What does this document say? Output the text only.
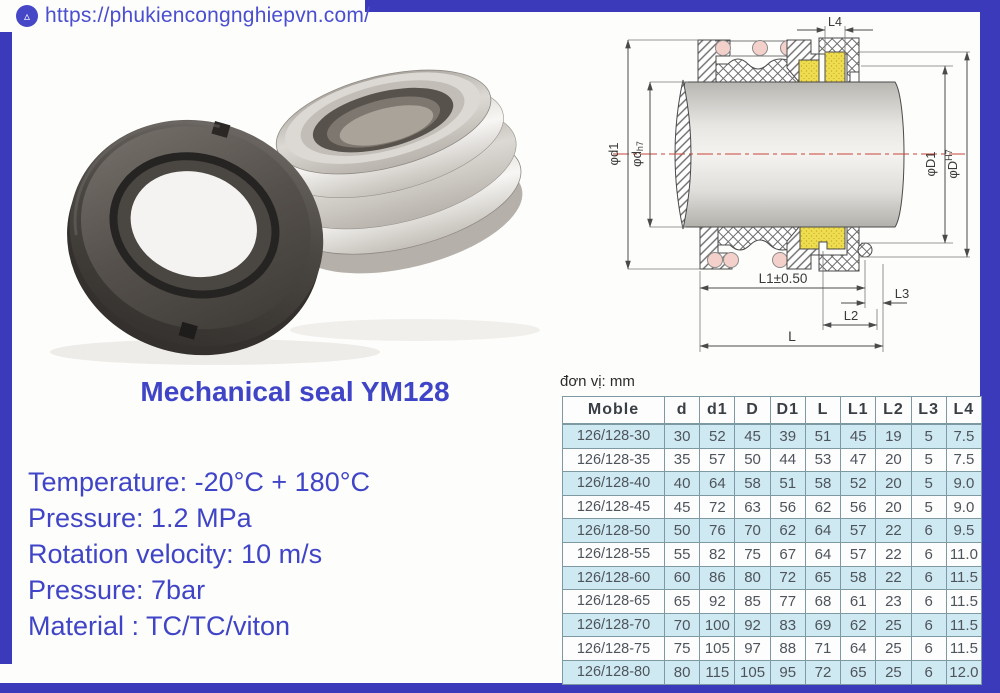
▵ https://phukiencongnghiepvn.com/
Mechanical seal YM128
Temperature: -20°C + 180°C
Pressure: 1.2 MPa
Rotation velocity: 10 m/s
Pressure: 7bar
Material : TC/TC/viton
L4
φd1 φdh7
φD1 $\varphi D^{H7}$
L1±0.50
L3
L2
L
đơn vị: mm
Moble	d	d1	D	D1	L	L1	L2	L3	L4
126/128-30	30	52	45	39	51	45	19	5	7.5
126/128-35	35	57	50	44	53	47	20	5	7.5
126/128-40	40	64	58	51	58	52	20	5	9.0
126/128-45	45	72	63	56	62	56	20	5	9.0
126/128-50	50	76	70	62	64	57	22	6	9.5
126/128-55	55	82	75	67	64	57	22	6	11.0
126/128-60	60	86	80	72	65	58	22	6	11.5
126/128-65	65	92	85	77	68	61	23	6	11.5
126/128-70	70	100	92	83	69	62	25	6	11.5
126/128-75	75	105	97	88	71	64	25	6	11.5
126/128-80	80	115	105	95	72	65	25	6	12.0
